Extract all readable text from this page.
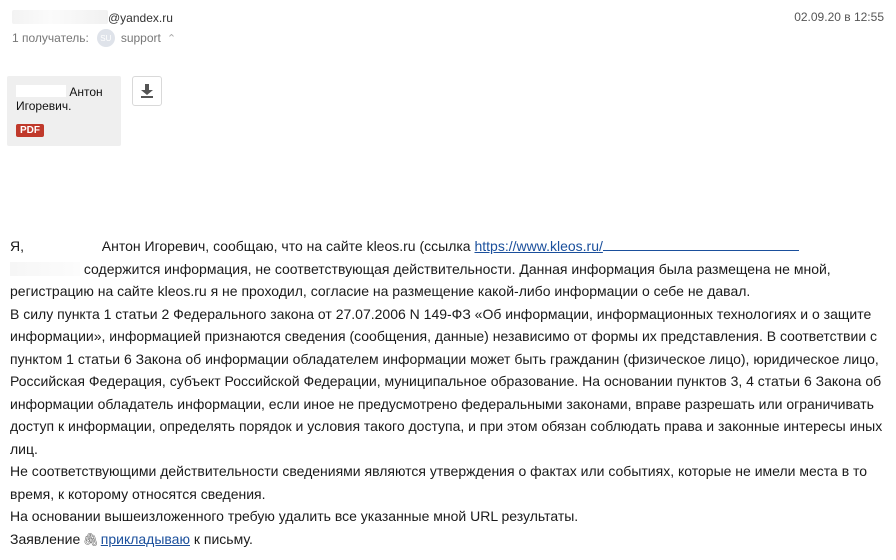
@yandex.ru	02.09.20 в 12:55
1 получатель:	SU support ⌃
Антон
Игоревич.
PDF

Я,	Антон Игоревич, сообщаю, что на сайте kleos.ru (ссылка https://www.kleos.ru/

содержится информация, не соответствующая действительности. Данная информация была размещена не мной,

регистрацию на сайте kleos.ru я не проходил, согласие на размещение какой-либо информации о себе не давал.

В силу пункта 1 статьи 2 Федерального закона от 27.07.2006 N 149-ФЗ «Об информации, информационных технологиях и о защите информации», информацией признаются сведения (сообщения, данные) независимо от формы их представления. В соответствии с пунктом 1 статьи 6 Закона об информации обладателем информации может быть гражданин (физическое лицо), юридическое лицо, Российская Федерация, субъект Российской Федерации, муниципальное образование. На основании пунктов 3, 4 статьи 6 Закона об информации обладатель информации, если иное не предусмотрено федеральными законами, вправе разрешать или ограничивать доступ к информации, определять порядок и условия такого доступа, и при этом обязан соблюдать права и законные интересы иных лиц.

Не соответствующими действительности сведениями являются утверждения о фактах или событиях, которые не имели места в то время, к которому относятся сведения.

На основании вышеизложенного требую удалить все указанные мной URL результаты.

Заявление 🖇 прикладываю к письму.
